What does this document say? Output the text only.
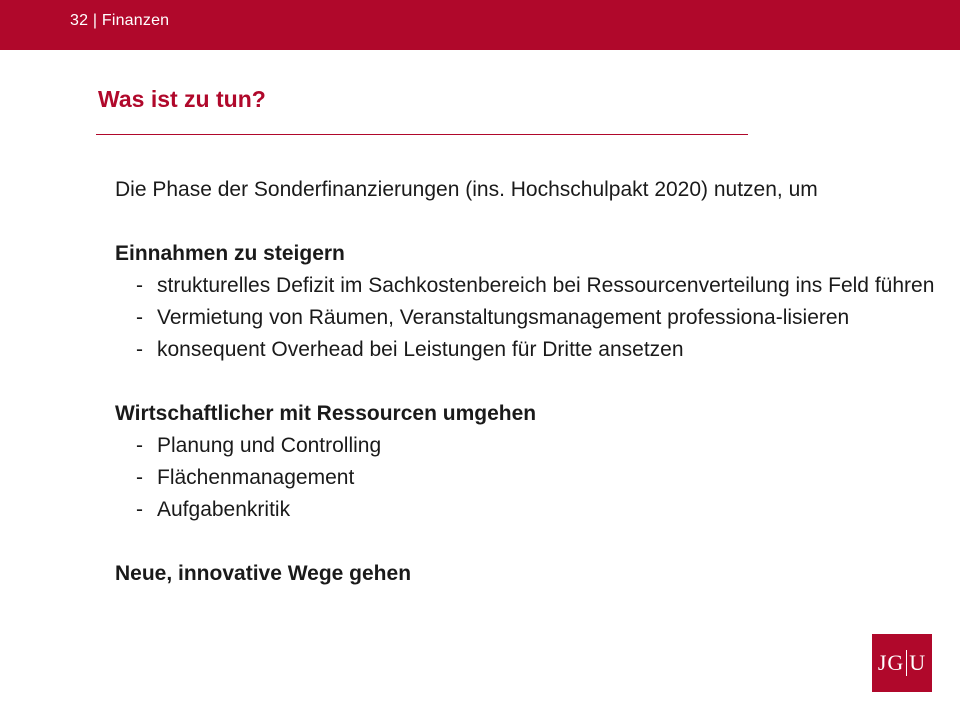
32 | Finanzen
Was ist zu tun?

Die Phase der Sonderfinanzierungen (ins. Hochschulpakt 2020) nutzen, um

Einnahmen zu steigern

- strukturelles Defizit im Sachkostenbereich bei Ressourcenverteilung ins Feld führen
- Vermietung von Räumen, Veranstaltungsmanagement professiona-lisieren
- konsequent Overhead bei Leistungen für Dritte ansetzen

Wirtschaftlicher mit Ressourcen umgehen

- Planung und Controlling
- Flächenmanagement
- Aufgabenkritik

Neue, innovative Wege gehen

JG U
